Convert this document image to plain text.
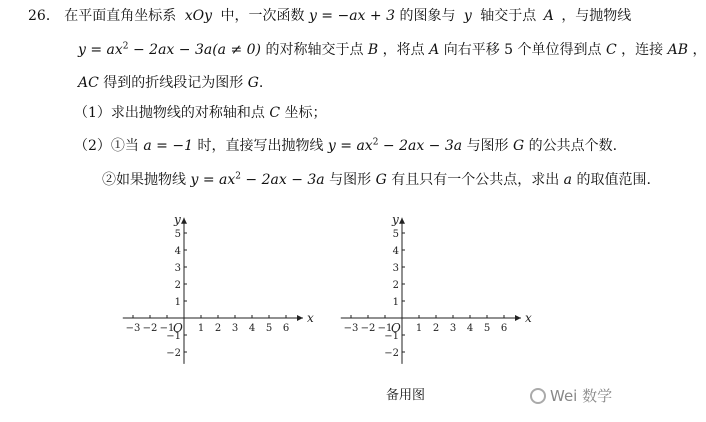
26． 在平面直角坐标系 xOy 中，一次函数 y = −ax + 3 的图象与 y 轴交于点 A ，与抛物线
$y = ax^2 - 2ax - 3a(a \ne 0)$ 的对称轴交于点 B ，将点 A 向右平移 5 个单位得到点 C ，连接 AB ，
AC 得到的折线段记为图形 G.
（1）求出抛物线的对称轴和点 C 坐标；
（2）①当 a = −1 时，直接写出抛物线 $y = ax^2 - 2ax - 3a$ 与图形 G 的公共点个数.
②如果抛物线 $y = ax^2 - 2ax - 3a$ 与图形 G 有且只有一个公共点，求出 a 的取值范围.
−3 −2 −1 1 2 3 4 5 6
5
4
3
2
1
−1
−2
x
y
O	−3 −2 −1 1 2 3 4 5 6
5
4
3
2
1
−1
−2
x
y
O
备用图	Wei 数学
